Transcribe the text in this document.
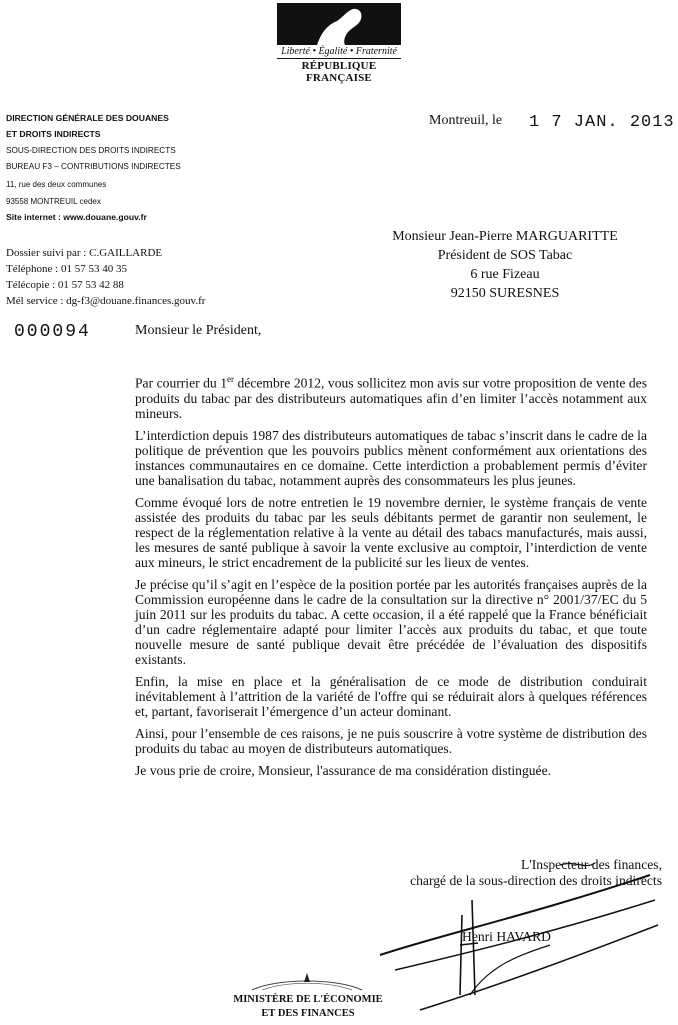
Liberté • Égalité • Fraternité
RÉPUBLIQUE FRANÇAISE
DIRECTION GÉNÉRALE DES DOUANES
ET DROITS INDIRECTS
SOUS-DIRECTION DES DROITS INDIRECTS
BUREAU F3 – CONTRIBUTIONS INDIRECTES
11, rue des deux communes
93558 MONTREUIL cedex
Site internet : www.douane.gouv.fr
Dossier suivi par : C.GAILLARDE
Téléphone : 01 57 53 40 35
Télécopie : 01 57 53 42 88
Mél service : dg-f3@douane.finances.gouv.fr
Montreuil, le 1 7 JAN. 2013
Monsieur Jean-Pierre MARGUARITTE
Président de SOS Tabac
6 rue Fizeau
92150 SURESNES
000094	Monsieur le Président,

Par courrier du 1er décembre 2012, vous sollicitez mon avis sur votre proposition de vente des produits du tabac par des distributeurs automatiques afin d’en limiter l’accès notamment aux mineurs.

L’interdiction depuis 1987 des distributeurs automatiques de tabac s’inscrit dans le cadre de la politique de prévention que les pouvoirs publics mènent conformément aux orientations des instances communautaires en ce domaine. Cette interdiction a probablement permis d’éviter une banalisation du tabac, notamment auprès des consommateurs les plus jeunes.

Comme évoqué lors de notre entretien le 19 novembre dernier, le système français de vente assistée des produits du tabac par les seuls débitants permet de garantir non seulement, le respect de la réglementation relative à la vente au détail des tabacs manufacturés, mais aussi, les mesures de santé publique à savoir la vente exclusive au comptoir, l’interdiction de vente aux mineurs, le strict encadrement de la publicité sur les lieux de ventes.

Je précise qu’il s’agit en l’espèce de la position portée par les autorités françaises auprès de la Commission européenne dans le cadre de la consultation sur la directive n° 2001/37/EC du 5 juin 2011 sur les produits du tabac. A cette occasion, il a été rappelé que la France bénéficiait d’un cadre réglementaire adapté pour limiter l’accès aux produits du tabac, et que toute nouvelle mesure de santé publique devait être précédée de l’évaluation des dispositifs existants.

Enfin, la mise en place et la généralisation de ce mode de distribution conduirait inévitablement à l’attrition de la variété de l'offre qui se réduirait alors à quelques références et, partant, favoriserait l’émergence d’un acteur dominant.

Ainsi, pour l’ensemble de ces raisons, je ne puis souscrire à votre système de distribution des produits du tabac au moyen de distributeurs automatiques.

Je vous prie de croire, Monsieur, l'assurance de ma considération distinguée.

L'Inspecteur des finances,
chargé de la sous-direction des droits indirects
Henri HAVARD
MINISTÈRE DE L'ÉCONOMIE
ET DES FINANCES
